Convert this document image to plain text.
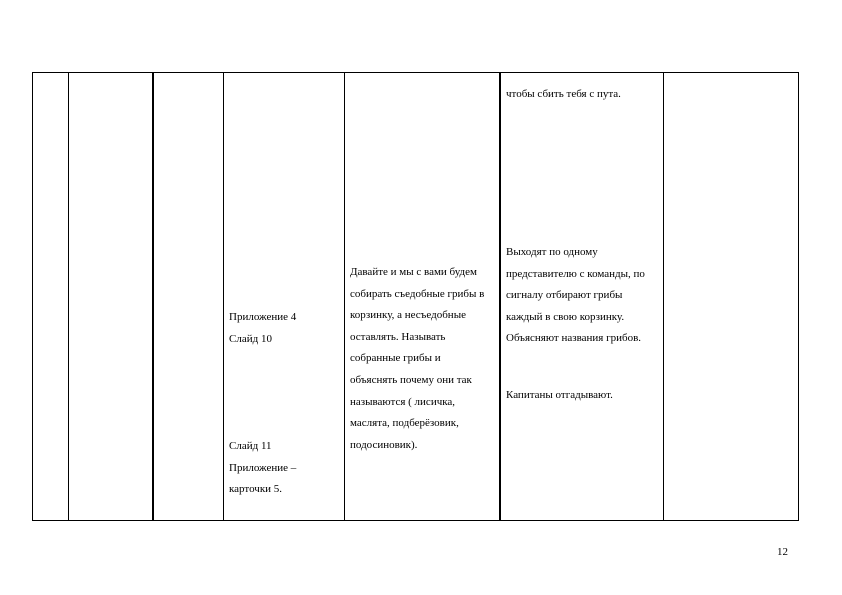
Приложение 4
Слайд 10
Слайд 11
Приложение –
карточки 5.
Давайте и мы с вами будем
собирать съедобные грибы в
корзинку, а несъедобные
оставлять. Называть
собранные грибы и
объяснять почему они так
называются ( лисичка,
маслята, подберёзовик,
подосиновик).
чтобы сбить тебя с пута.
Выходят по одному
представителю с команды, по
сигналу отбирают грибы
каждый в свою корзинку.
Объясняют названия грибов.
Капитаны отгадывают.
12
